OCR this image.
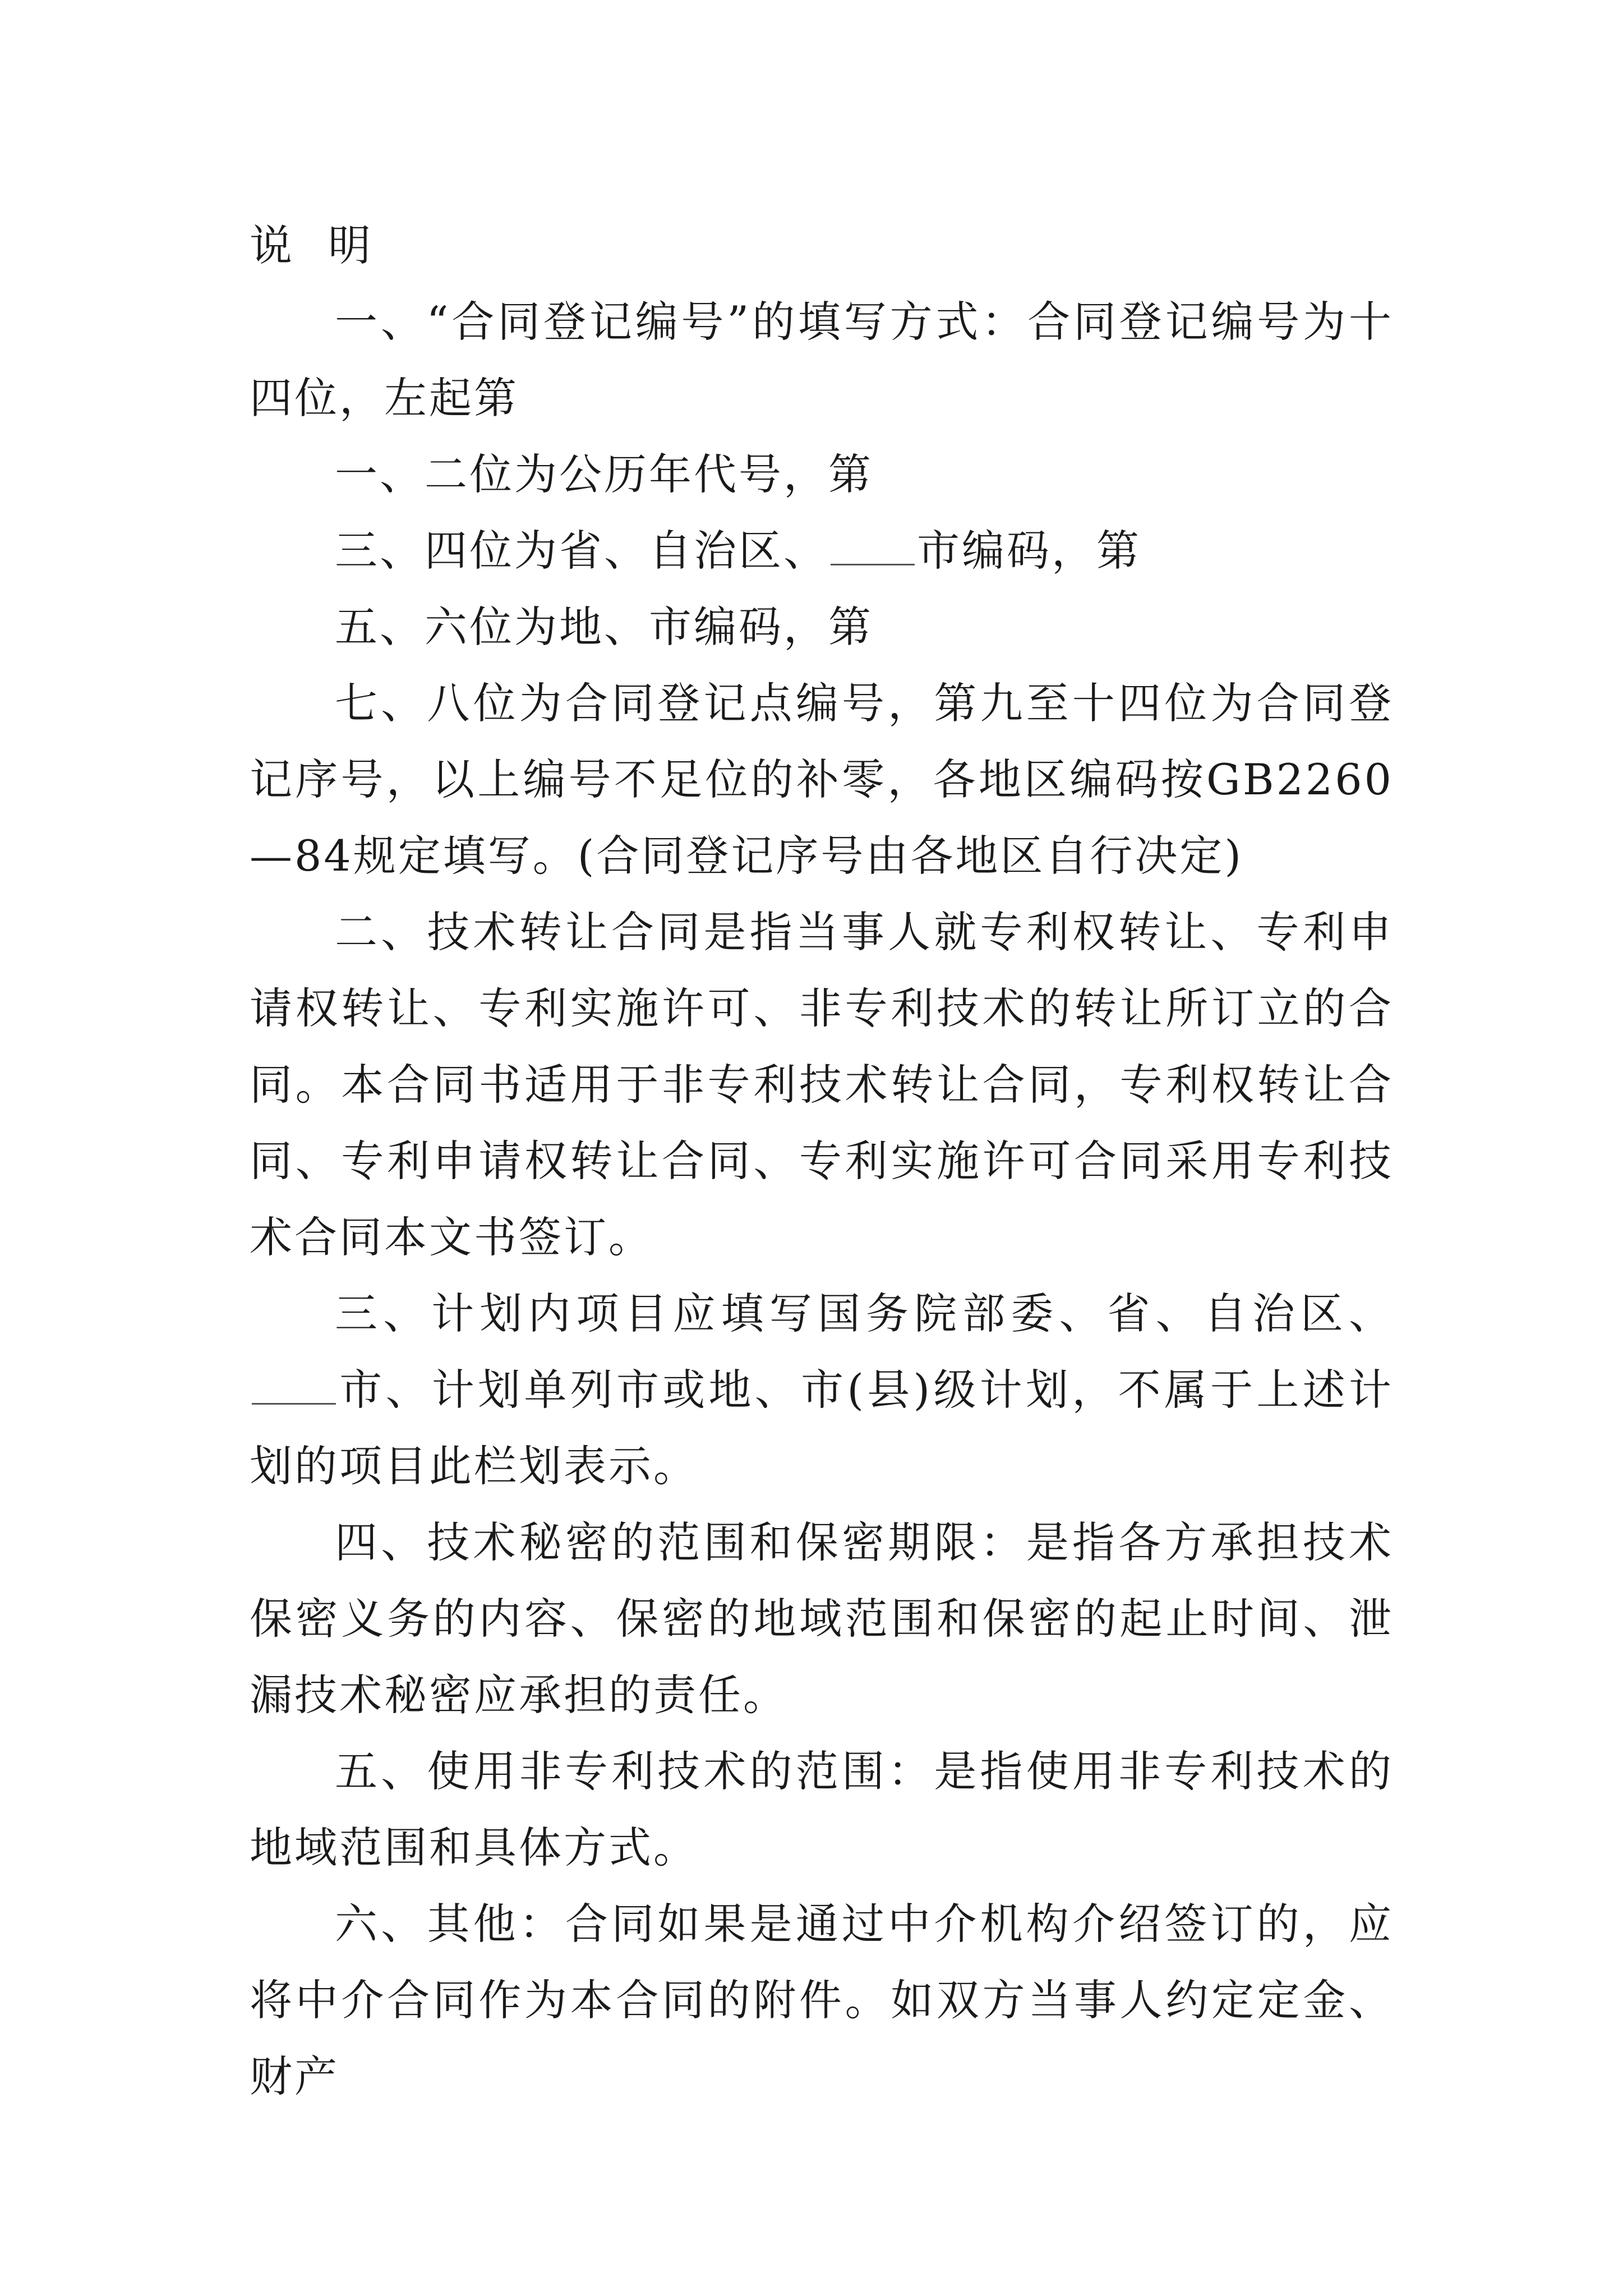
说 明

一、“合同登记编号”的填写方式：合同登记编号为十四位，左起第

一、二位为公历年代号，第

三、四位为省、自治区、 市编码，第

五、六位为地、市编码，第

七、八位为合同登记点编号，第九至十四位为合同登记序号，以上编号不足位的补零，各地区编码按GB2260—84规定填写。(合同登记序号由各地区自行决定)

二、技术转让合同是指当事人就专利权转让、专利申请权转让、专利实施许可、非专利技术的转让所订立的合同。本合同书适用于非专利技术转让合同，专利权转让合同、专利申请权转让合同、专利实施许可合同采用专利技术合同本文书签订。

三、计划内项目应填写国务院部委、省、自治区、市、计划单列市或地、市(县)级计划，不属于上述计划的项目此栏划表示。

四、技术秘密的范围和保密期限：是指各方承担技术保密义务的内容、保密的地域范围和保密的起止时间、泄漏技术秘密应承担的责任。

五、使用非专利技术的范围：是指使用非专利技术的地域范围和具体方式。

六、其他：合同如果是通过中介机构介绍签订的，应将中介合同作为本合同的附件。如双方当事人约定定金、财产
